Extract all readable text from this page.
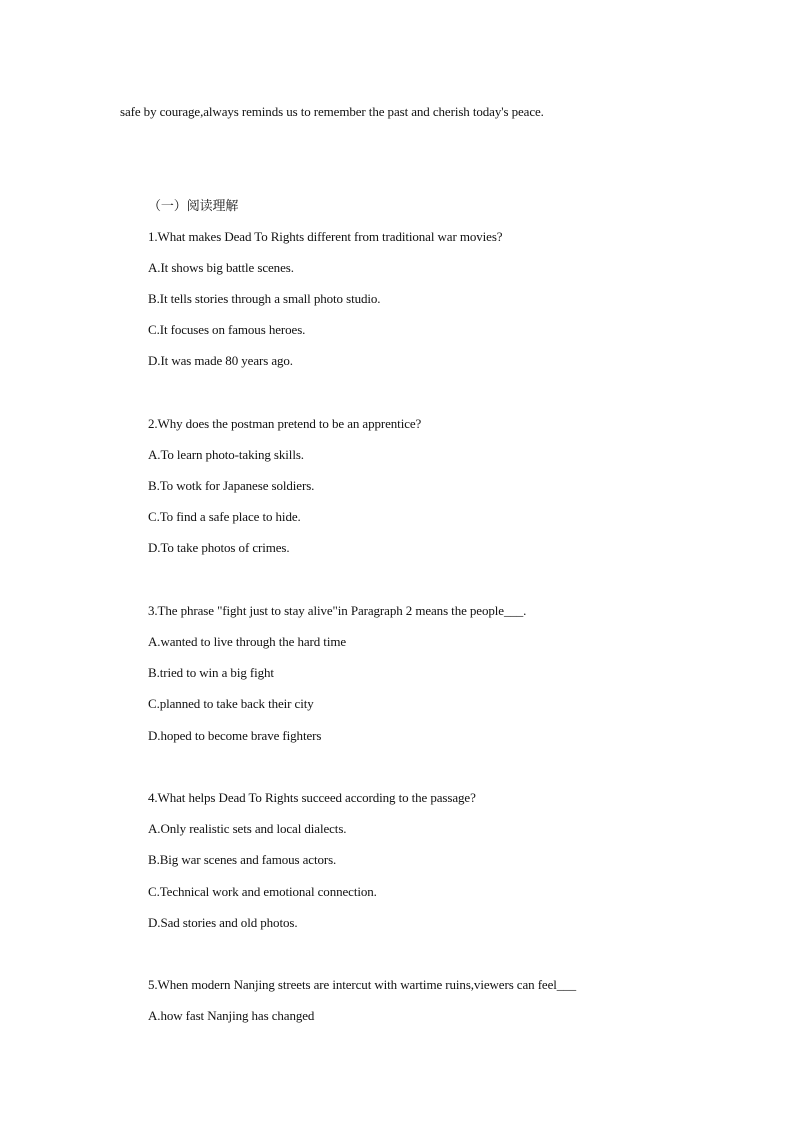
safe by courage,always reminds us to remember the past and cherish today's peace.
（一）阅读理解
1.What makes Dead To Rights different from traditional war movies?
A.It shows big battle scenes.
B.It tells stories through a small photo studio.
C.It focuses on famous heroes.
D.It was made 80 years ago.
2.Why does the postman pretend to be an apprentice?
A.To learn photo-taking skills.
B.To wotk for Japanese soldiers.
C.To find a safe place to hide.
D.To take photos of crimes.
3.The phrase "fight just to stay alive"in Paragraph 2 means the people___.
A.wanted to live through the hard time
B.tried to win a big fight
C.planned to take back their city
D.hoped to become brave fighters
4.What helps Dead To Rights succeed according to the passage?
A.Only realistic sets and local dialects.
B.Big war scenes and famous actors.
C.Technical work and emotional connection.
D.Sad stories and old photos.
5.When modern Nanjing streets are intercut with wartime ruins,viewers can feel___
A.how fast Nanjing has changed
